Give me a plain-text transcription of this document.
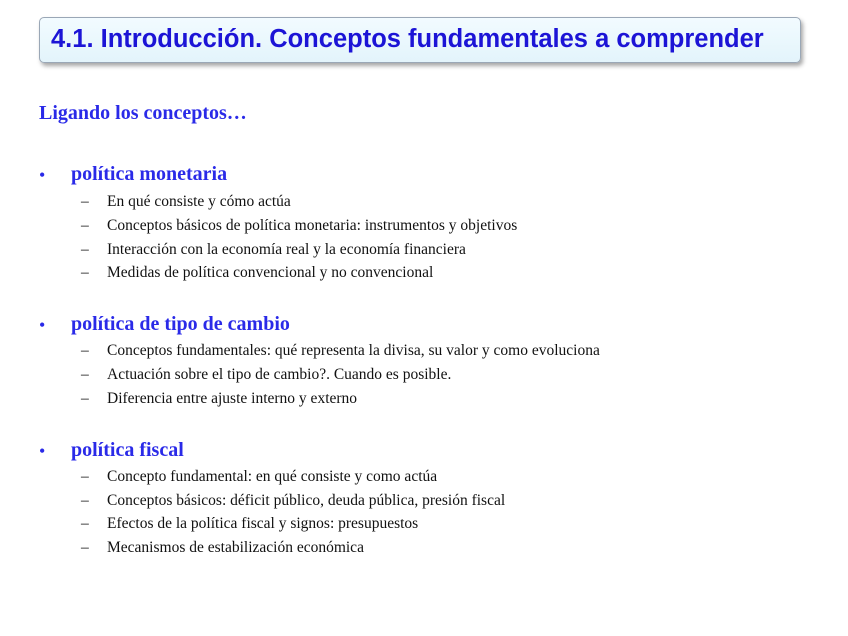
4.1. Introducción. Conceptos fundamentales a comprender
Ligando los conceptos…
• política monetaria
– En qué consiste y cómo actúa
– Conceptos básicos de política monetaria: instrumentos y objetivos
– Interacción con la economía real y la economía financiera
– Medidas de política convencional y no convencional
• política de tipo de cambio
– Conceptos fundamentales: qué representa la divisa, su valor y como evoluciona
– Actuación sobre el tipo de cambio?. Cuando es posible.
– Diferencia entre ajuste interno y externo
• política fiscal
– Concepto fundamental: en qué consiste y como actúa
– Conceptos básicos: déficit público, deuda pública, presión fiscal
– Efectos de la política fiscal y signos: presupuestos
– Mecanismos de estabilización económica
